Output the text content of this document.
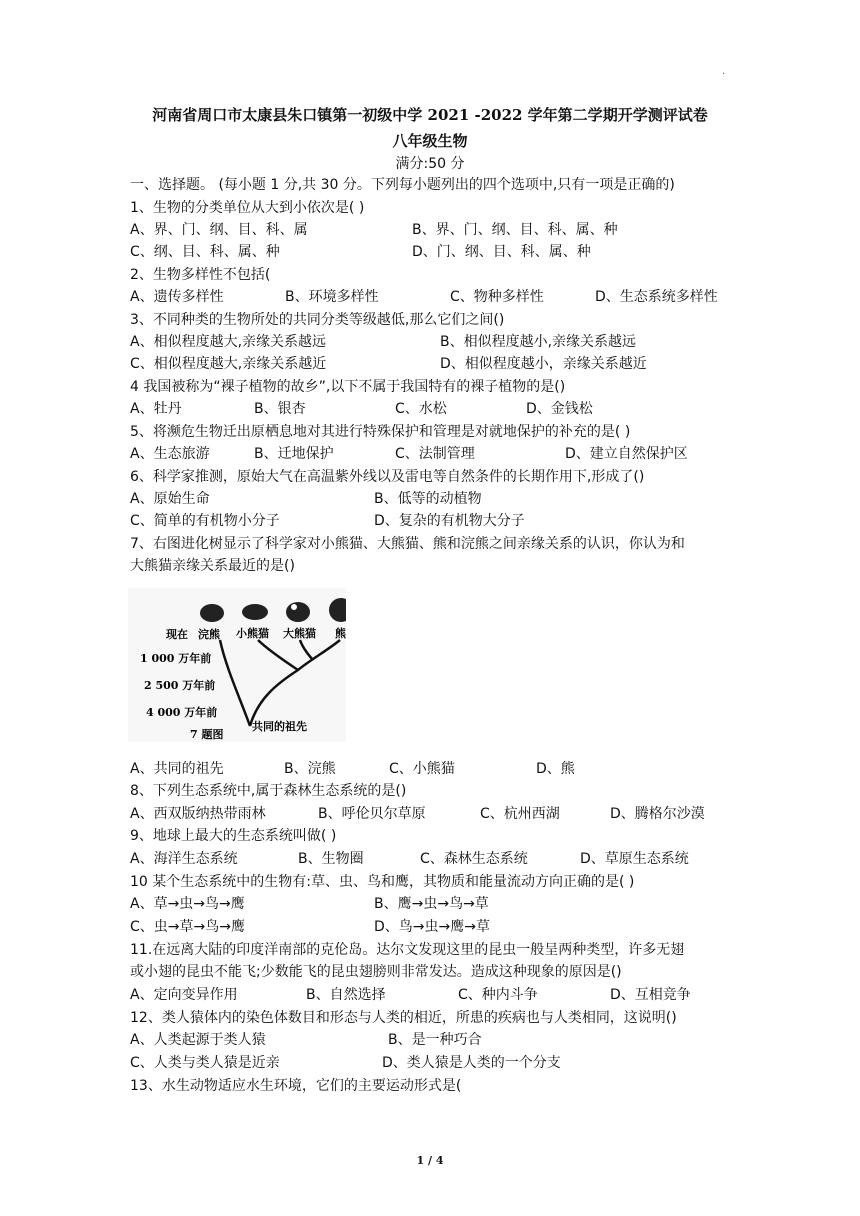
.
河南省周口市太康县朱口镇第一初级中学 2021 -2022 学年第二学期开学测评试卷
八年级生物
满分:50 分
一、选择题。 (每小题 1 分,共 30 分。下列每小题列出的四个选项中,只有一项是正确的)
1、生物的分类单位从大到小依次是( )
A、界、门、纲、目、科、属	B、界、门、纲、目、科、属、种
C、纲、目、科、属、种	D、门、纲、目、科、属、种
2、生物多样性不包括(
A、遗传多样性	B、环境多样性	C、物种多样性	D、生态系统多样性
3、不同种类的生物所处的共同分类等级越低,那么它们之间()
A、相似程度越大,亲缘关系越远	B、相似程度越小,亲缘关系越远
C、相似程度越大,亲缘关系越近	D、相似程度越小，亲缘关系越近
4 我国被称为“裸子植物的故乡”,以下不属于我国特有的裸子植物的是()
A、牡丹	B、银杏	C、水松	D、金钱松
5、将濒危生物迁出原栖息地对其进行特殊保护和管理是对就地保护的补充的是( )
A、生态旅游	B、迁地保护	C、法制管理	D、建立自然保护区
6、科学家推测，原始大气在高温紫外线以及雷电等自然条件的长期作用下,形成了()
A、原始生命	B、低等的动植物
C、简单的有机物小分子	D、复杂的有机物大分子
7、右图进化树显示了科学家对小熊猫、大熊猫、熊和浣熊之间亲缘关系的认识，你认为和
大熊猫亲缘关系最近的是()
现在 浣熊 小熊猫 大熊猫 熊
1 000 万年前
2 500 万年前
4 000 万年前
7 题图
共同的祖先
A、共同的祖先	B、浣熊	C、小熊猫	D、熊
8、下列生态系统中,属于森林生态系统的是()
A、西双版纳热带雨林	B、呼伦贝尔草原	C、杭州西湖	D、腾格尔沙漠
9、地球上最大的生态系统叫做( )
A、海洋生态系统	B、生物圈	C、森林生态系统	D、草原生态系统
10 某个生态系统中的生物有:草、虫、鸟和鹰，其物质和能量流动方向正确的是( )
A、草→虫→鸟→鹰	B、鹰→虫→鸟→草
C、虫→草→鸟→鹰	D、鸟→虫→鹰→草
11.在远离大陆的印度洋南部的克伦岛。达尔文发现这里的昆虫一般呈两种类型，许多无翅
或小翅的昆虫不能飞;少数能飞的昆虫翅膀则非常发达。造成这种现象的原因是()
A、定向变异作用	B、自然选择	C、种内斗争	D、互相竞争
12、类人猿体内的染色体数目和形态与人类的相近，所患的疾病也与人类相同，这说明()
A、人类起源于类人猿	B、是一种巧合
C、人类与类人猿是近亲	D、类人猿是人类的一个分支
13、水生动物适应水生环境，它们的主要运动形式是(
1 / 4
